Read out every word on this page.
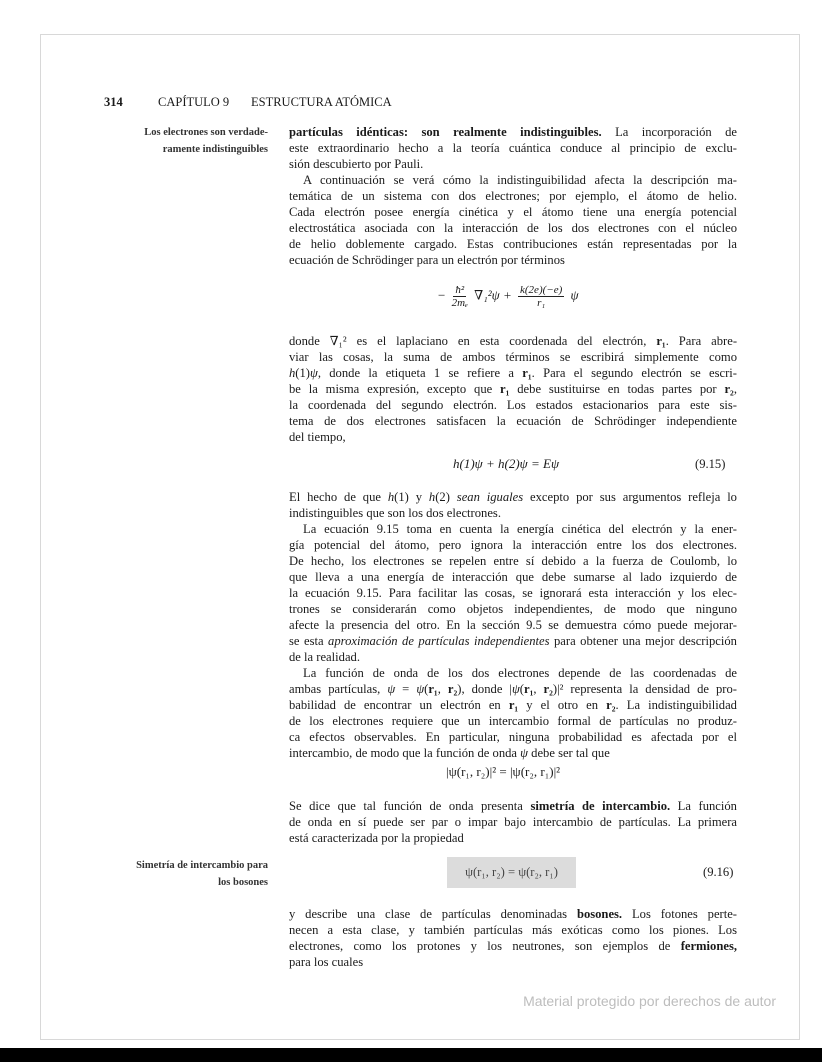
314	CAPÍTULO 9 ESTRUCTURA ATÓMICA
Los electrones son verdade-
ramente indistinguibles
Simetría de intercambio para
los bosones
partículas idénticas: son realmente indistinguibles. La incorporación de
este extraordinario hecho a la teoría cuántica conduce al principio de exclu-
sión descubierto por Pauli.
A continuación se verá cómo la indistinguibilidad afecta la descripción ma-
temática de un sistema con dos electrones; por ejemplo, el átomo de helio.
Cada electrón posee energía cinética y el átomo tiene una energía potencial
electrostática asociada con la interacción de los dos electrones con el núcleo
de helio doblemente cargado. Estas contribuciones están representadas por la
ecuación de Schrödinger para un electrón por términos
− $\frac{\text{ħ²}}{\text{2mₑ}} \nabla_1^2\psi + \frac{k(2e)(-e)}{\text{r₁}}$ ψ
donde ∇₁² es el laplaciano en esta coordenada del electrón, r₁. Para abre-
viar las cosas, la suma de ambos términos se escribirá simplemente como
h(1)ψ, donde la etiqueta 1 se refiere a r₁. Para el segundo electrón se escri-
be la misma expresión, excepto que r₁ debe sustituirse en todas partes por r₂,
la coordenada del segundo electrón. Los estados estacionarios para este sis-
tema de dos electrones satisfacen la ecuación de Schrödinger independiente
del tiempo,
h(1)ψ + h(2)ψ = Eψ	(9.15)
El hecho de que h(1) y h(2) sean iguales excepto por sus argumentos refleja lo
indistinguibles que son los dos electrones.
La ecuación 9.15 toma en cuenta la energía cinética del electrón y la ener-
gía potencial del átomo, pero ignora la interacción entre los dos electrones.
De hecho, los electrones se repelen entre sí debido a la fuerza de Coulomb, lo
que lleva a una energía de interacción que debe sumarse al lado izquierdo de
la ecuación 9.15. Para facilitar las cosas, se ignorará esta interacción y los elec-
trones se considerarán como objetos independientes, de modo que ninguno
afecte la presencia del otro. En la sección 9.5 se demuestra cómo puede mejorar-
se esta aproximación de partículas independientes para obtener una mejor descripción
de la realidad.
La función de onda de los dos electrones depende de las coordenadas de
ambas partículas, ψ = ψ(r₁, r₂), donde |ψ(r₁, r₂)|² representa la densidad de pro-
babilidad de encontrar un electrón en r₁ y el otro en r₂. La indistinguibilidad
de los electrones requiere que un intercambio formal de partículas no produz-
ca efectos observables. En particular, ninguna probabilidad es afectada por el
intercambio, de modo que la función de onda ψ debe ser tal que
|ψ(r₁, r₂)|² = |ψ(r₂, r₁)|²
Se dice que tal función de onda presenta simetría de intercambio. La función
de onda en sí puede ser par o impar bajo intercambio de partículas. La primera
está caracterizada por la propiedad
ψ(r₁, r₂) = ψ(r₂, r₁)	(9.16)
y describe una clase de partículas denominadas bosones. Los fotones perte-
necen a esta clase, y también partículas más exóticas como los piones. Los
electrones, como los protones y los neutrones, son ejemplos de fermiones,
para los cuales
Material protegido por derechos de autor
